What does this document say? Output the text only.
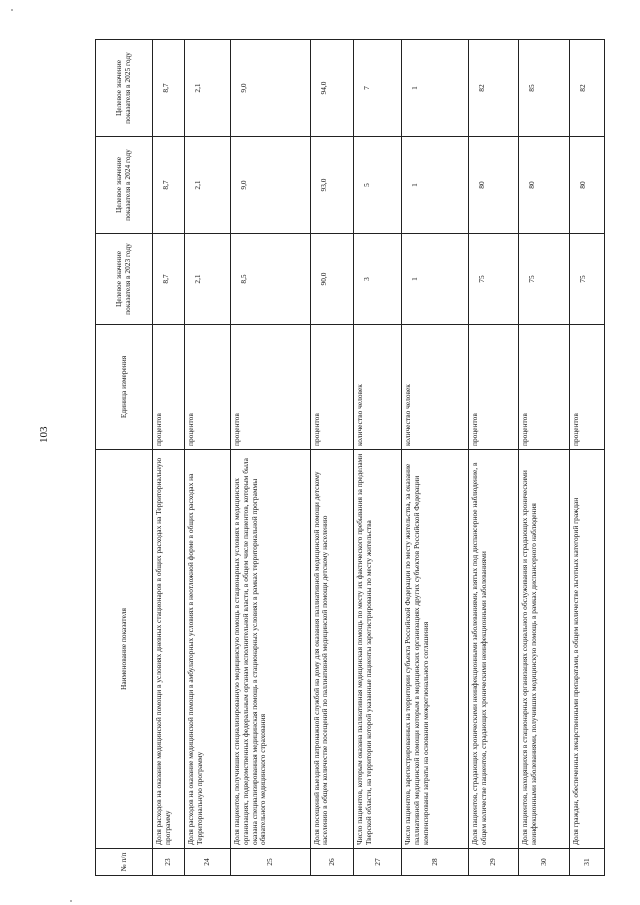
103
№ п/п	Наименование показателя	Единица измерения	Целевое значение показателя в 2023 году	Целевое значение показателя в 2024 году	Целевое значение показателя в 2025 году
23	Доля расходов на оказание медицинской помощи в условиях дневных стационаров в общих расходах на Территориальную программу	процентов	8,7	8,7	8,7
24	Доля расходов на оказание медицинской помощи в амбулаторных условиях в неотложной форме в общих расходах на Территориальную программу	процентов	2,1	2,1	2,1
25	Доля пациентов, получивших специализированную медицинскую помощь в стационарных условиях в медицинских организациях, подведомственных федеральным органам исполнительной власти, в общем числе пациентов, которым была оказана специализированная медицинская помощь в стационарных условиях в рамках территориальной программы обязательного медицинского страхования	процентов	8,5	9,0	9,0
26	Доля посещений выездной патронажной службой на дому для оказания паллиативной медицинской помощи детскому населению в общем количестве посещений по паллиативной медицинской помощи детскому населению	процентов	90,0	93,0	94,0
27	Число пациентов, которым оказана паллиативная медицинская помощь по месту их фактического пребывания за пределами Тверской области, на территории которой указанные пациенты зарегистрированы по месту жительства	количество человек	3	5	7
28	Число пациентов, зарегистрированных на территории субъекта Российской Федерации по месту жительства, за оказание паллиативной медицинской помощи которым в медицинских организациях других субъектов Российской Федерации компенсированы затраты на основании межрегионального соглашения	количество человек	1	1	1
29	Доля пациентов, страдающих хроническими неинфекционными заболеваниями, взятых под диспансерное наблюдение, в общем количестве пациентов, страдающих хроническими неинфекционными заболеваниями	процентов	75	80	82
30	Доля пациентов, находящихся в стационарных организациях социального обслуживания и страдающих хроническими неинфекционными заболеваниями, получивших медицинскую помощь в рамках диспансерного наблюдения	процентов	75	80	85
31	Доля граждан, обеспеченных лекарственными препаратами, в общем количестве льготных категорий граждан	процентов	75	80	82
